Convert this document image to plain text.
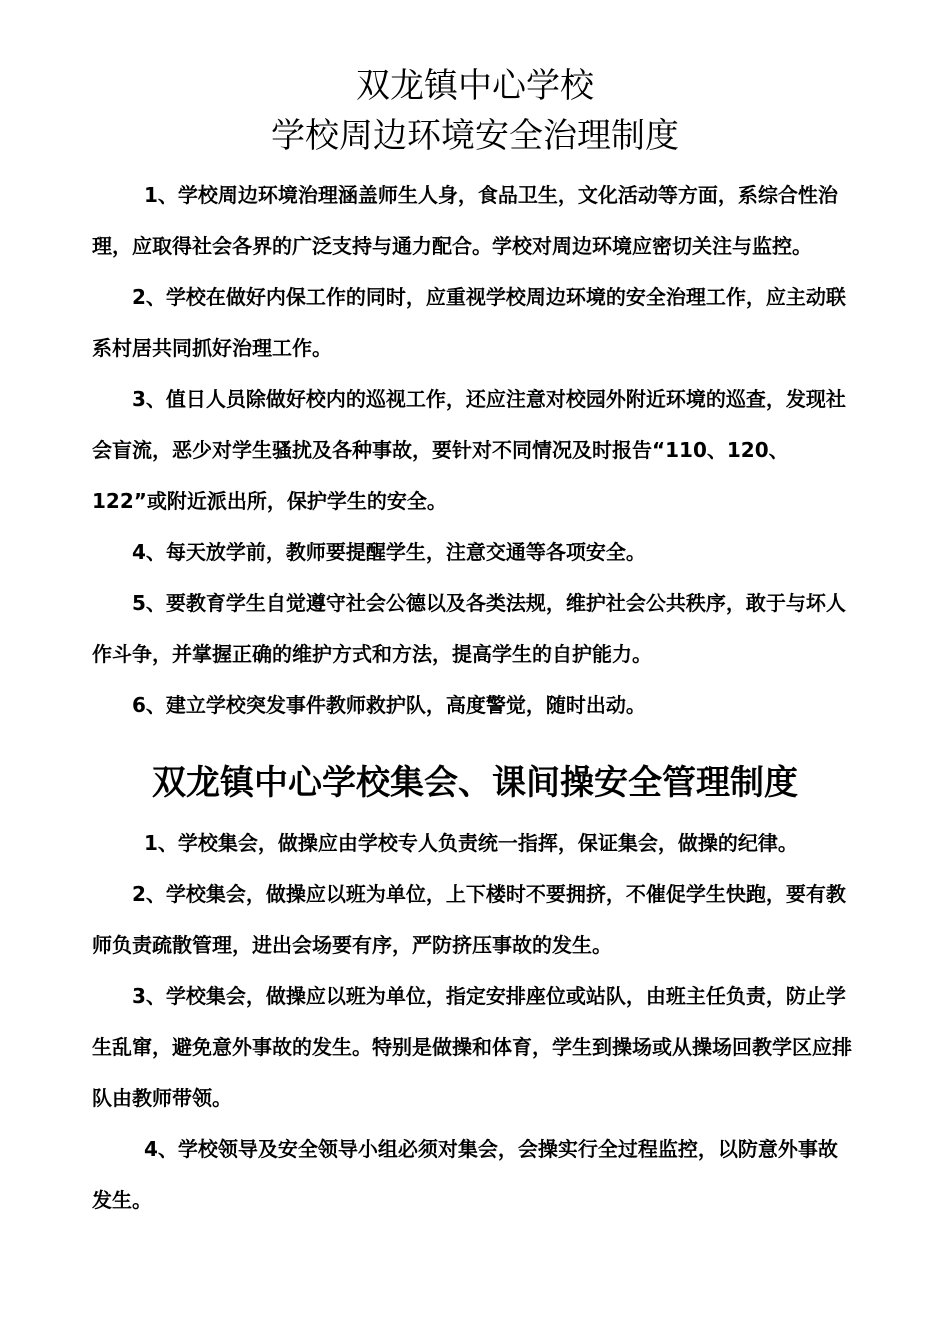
双龙镇中心学校
学校周边环境安全治理制度

1、学校周边环境治理涵盖师生人身，食品卫生，文化活动等方面，系综合性治理，应取得社会各界的广泛支持与通力配合。学校对周边环境应密切关注与监控。

2、学校在做好内保工作的同时，应重视学校周边环境的安全治理工作，应主动联系村居共同抓好治理工作。

3、值日人员除做好校内的巡视工作，还应注意对校园外附近环境的巡查，发现社会盲流，恶少对学生骚扰及各种事故，要针对不同情况及时报告“110、120、122”或附近派出所，保护学生的安全。

4、每天放学前，教师要提醒学生，注意交通等各项安全。

5、要教育学生自觉遵守社会公德以及各类法规，维护社会公共秩序，敢于与坏人作斗争，并掌握正确的维护方式和方法，提高学生的自护能力。

6、建立学校突发事件教师救护队，高度警觉，随时出动。

双龙镇中心学校集会、课间操安全管理制度

1、学校集会，做操应由学校专人负责统一指挥，保证集会，做操的纪律。

2、学校集会，做操应以班为单位，上下楼时不要拥挤，不催促学生快跑，要有教师负责疏散管理，进出会场要有序，严防挤压事故的发生。

3、学校集会，做操应以班为单位，指定安排座位或站队，由班主任负责，防止学生乱窜，避免意外事故的发生。特别是做操和体育，学生到操场或从操场回教学区应排队由教师带领。

4、学校领导及安全领导小组必须对集会，会操实行全过程监控，以防意外事故发生。
